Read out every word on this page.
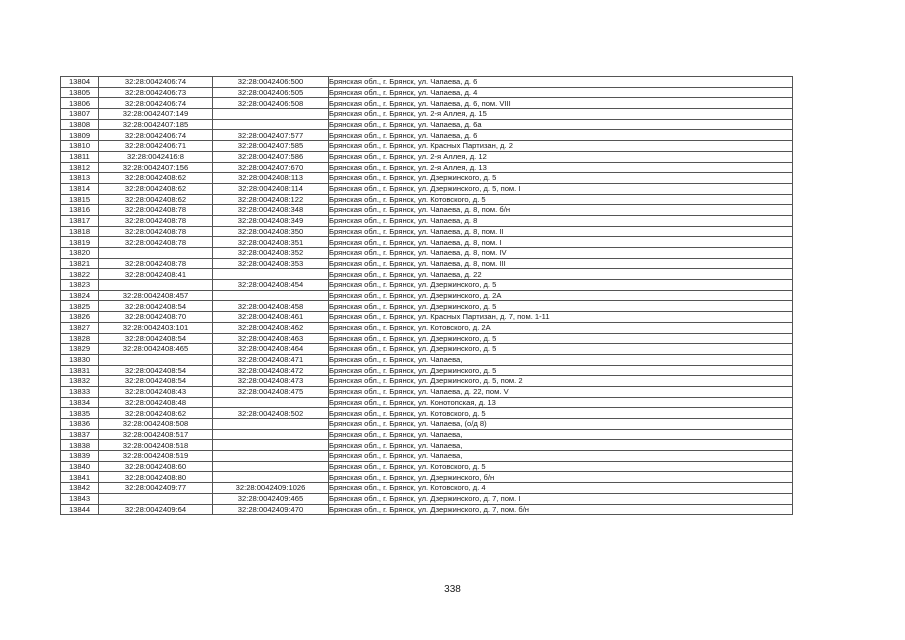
13804	32:28:0042406:74	32:28:0042406:500	Брянская обл., г. Брянск, ул. Чапаева, д. 6
13805	32:28:0042406:73	32:28:0042406:505	Брянская обл., г. Брянск, ул. Чапаева, д. 4
13806	32:28:0042406:74	32:28:0042406:508	Брянская обл., г. Брянск, ул. Чапаева, д. 6, пом. VIII
13807	32:28:0042407:149		Брянская обл., г. Брянск, ул. 2-я Аллея, д. 15
13808	32:28:0042407:185		Брянская обл., г. Брянск, ул. Чапаева, д. 6а
13809	32:28:0042406:74	32:28:0042407:577	Брянская обл., г. Брянск, ул. Чапаева, д. 6
13810	32:28:0042406:71	32:28:0042407:585	Брянская обл., г. Брянск, ул. Красных Партизан, д. 2
13811	32:28:0042416:8	32:28:0042407:586	Брянская обл., г. Брянск, ул. 2-я Аллея, д. 12
13812	32:28:0042407:156	32:28:0042407:670	Брянская обл., г. Брянск, ул. 2-я Аллея, д. 13
13813	32:28:0042408:62	32:28:0042408:113	Брянская обл., г. Брянск, ул. Дзержинского, д. 5
13814	32:28:0042408:62	32:28:0042408:114	Брянская обл., г. Брянск, ул. Дзержинского, д. 5, пом. I
13815	32:28:0042408:62	32:28:0042408:122	Брянская обл., г. Брянск, ул. Котовского, д. 5
13816	32:28:0042408:78	32:28:0042408:348	Брянская обл., г. Брянск, ул. Чапаева, д. 8, пом. б/н
13817	32:28:0042408:78	32:28:0042408:349	Брянская обл., г. Брянск, ул. Чапаева, д. 8
13818	32:28:0042408:78	32:28:0042408:350	Брянская обл., г. Брянск, ул. Чапаева, д. 8, пом. II
13819	32:28:0042408:78	32:28:0042408:351	Брянская обл., г. Брянск, ул. Чапаева, д. 8, пом. I
13820		32:28:0042408:352	Брянская обл., г. Брянск, ул. Чапаева, д. 8, пом. IV
13821	32:28:0042408:78	32:28:0042408:353	Брянская обл., г. Брянск, ул. Чапаева, д. 8, пом. III
13822	32:28:0042408:41		Брянская обл., г. Брянск, ул. Чапаева, д. 22
13823		32:28:0042408:454	Брянская обл., г. Брянск, ул. Дзержинского, д. 5
13824	32:28:0042408:457		Брянская обл., г. Брянск, ул. Дзержинского, д. 2А
13825	32:28:0042408:54	32:28:0042408:458	Брянская обл., г. Брянск, ул. Дзержинского, д. 5
13826	32:28:0042408:70	32:28:0042408:461	Брянская обл., г. Брянск, ул. Красных Партизан, д. 7, пом. 1-11
13827	32:28:0042403:101	32:28:0042408:462	Брянская обл., г. Брянск, ул. Котовского, д. 2А
13828	32:28:0042408:54	32:28:0042408:463	Брянская обл., г. Брянск, ул. Дзержинского, д. 5
13829	32:28:0042408:465	32:28:0042408:464	Брянская обл., г. Брянск, ул. Дзержинского, д. 5
13830		32:28:0042408:471	Брянская обл., г. Брянск, ул. Чапаева,
13831	32:28:0042408:54	32:28:0042408:472	Брянская обл., г. Брянск, ул. Дзержинского, д. 5
13832	32:28:0042408:54	32:28:0042408:473	Брянская обл., г. Брянск, ул. Дзержинского, д. 5, пом. 2
13833	32:28:0042408:43	32:28:0042408:475	Брянская обл., г. Брянск, ул. Чапаева, д. 22, пом. V
13834	32:28:0042408:48		Брянская обл., г. Брянск, ул. Конотопская, д. 13
13835	32:28:0042408:62	32:28:0042408:502	Брянская обл., г. Брянск, ул. Котовского, д. 5
13836	32:28:0042408:508		Брянская обл., г. Брянск, ул. Чапаева, (о/д 8)
13837	32:28:0042408:517		Брянская обл., г. Брянск, ул. Чапаева,
13838	32:28:0042408:518		Брянская обл., г. Брянск, ул. Чапаева,
13839	32:28:0042408:519		Брянская обл., г. Брянск, ул. Чапаева,
13840	32:28:0042408:60		Брянская обл., г. Брянск, ул. Котовского, д. 5
13841	32:28:0042408:80		Брянская обл., г. Брянск, ул. Дзержинского, б/н
13842	32:28:0042409:77	32:28:0042409:1026	Брянская обл., г. Брянск, ул. Котовского, д. 4
13843		32:28:0042409:465	Брянская обл., г. Брянск, ул. Дзержинского, д. 7, пом. I
13844	32:28:0042409:64	32:28:0042409:470	Брянская обл., г. Брянск, ул. Дзержинского, д. 7, пом. б/н
338
